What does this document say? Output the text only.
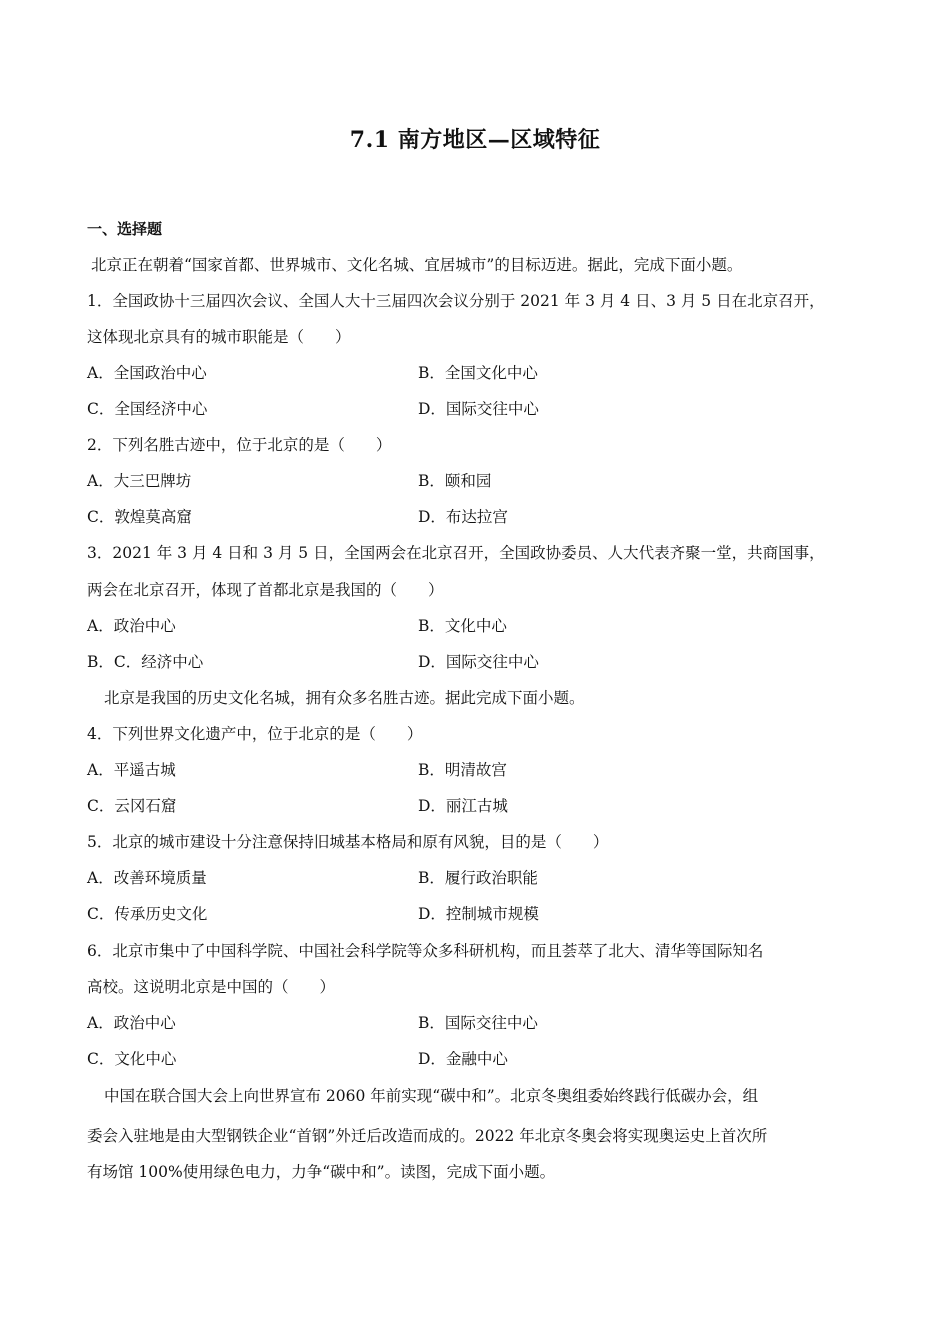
7.1 南方地区—区域特征
一、选择题
北京正在朝着“国家首都、世界城市、文化名城、宜居城市”的目标迈进。据此，完成下面小题。
1．全国政协十三届四次会议、全国人大十三届四次会议分别于 2021 年 3 月 4 日、3 月 5 日在北京召开，
这体现北京具有的城市职能是（　　）
A．全国政治中心	B．全国文化中心
C．全国经济中心	D．国际交往中心
2．下列名胜古迹中，位于北京的是（　　）
A．大三巴牌坊	B．颐和园
C．敦煌莫高窟	D．布达拉宫
3．2021 年 3 月 4 日和 3 月 5 日，全国两会在北京召开，全国政协委员、人大代表齐聚一堂，共商国事，
两会在北京召开，体现了首都北京是我国的（　　）
A．政治中心	B．文化中心
B．C．经济中心	D．国际交往中心
北京是我国的历史文化名城，拥有众多名胜古迹。据此完成下面小题。
4．下列世界文化遗产中，位于北京的是（　　）
A．平遥古城	B．明清故宫
C．云冈石窟	D．丽江古城
5．北京的城市建设十分注意保持旧城基本格局和原有风貌，目的是（　　）
A．改善环境质量	B．履行政治职能
C．传承历史文化	D．控制城市规模
6．北京市集中了中国科学院、中国社会科学院等众多科研机构，而且荟萃了北大、清华等国际知名
高校。这说明北京是中国的（　　）
A．政治中心	B．国际交往中心
C．文化中心	D．金融中心
中国在联合国大会上向世界宣布 2060 年前实现“碳中和”。北京冬奥组委始终践行低碳办会，组
委会入驻地是由大型钢铁企业“首钢”外迁后改造而成的。2022 年北京冬奥会将实现奥运史上首次所
有场馆 100%使用绿色电力，力争“碳中和”。读图，完成下面小题。
